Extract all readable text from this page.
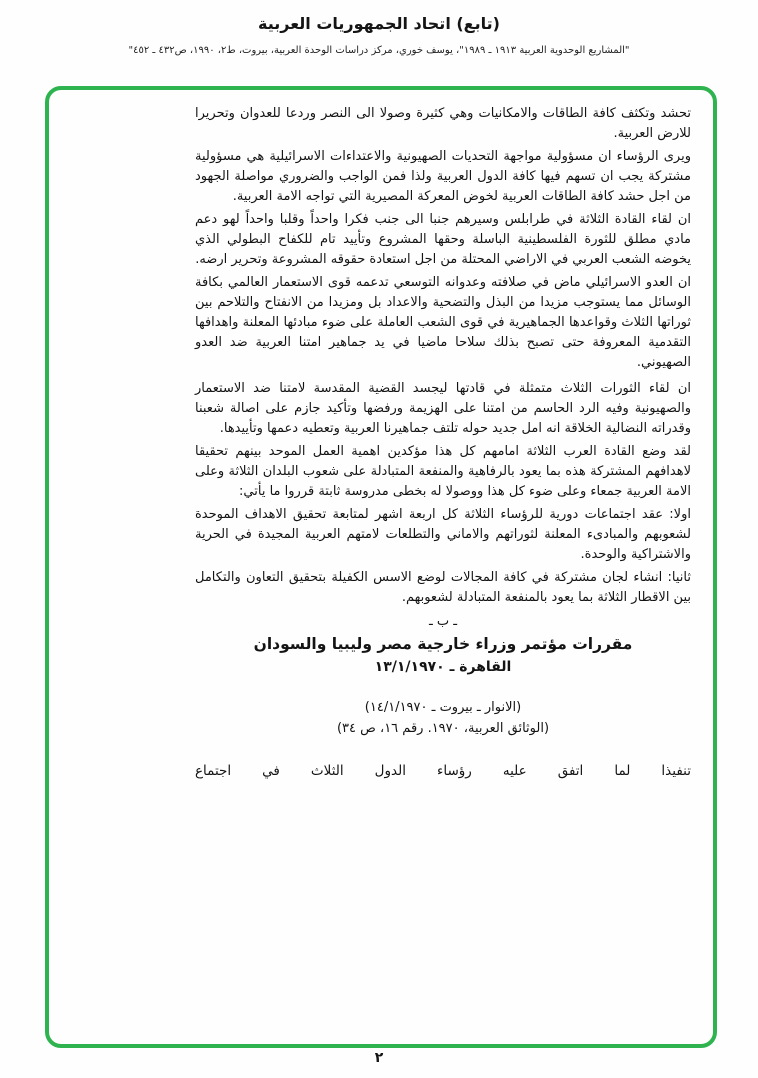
(تابع) اتحاد الجمهوريات العربية
"المشاريع الوحدوية العربية ١٩١٣ ـ ١٩٨٩"، يوسف خوري، مركز دراسات الوحدة العربية، بيروت، ط٢، ١٩٩٠، ص٤٣٢ ـ ٤٥٢"

تحشد وتكثف كافة الطاقات والامكانيات وهي كثيرة وصولا الى النصر وردعا للعدوان وتحريرا للارض العربية.

ويرى الرؤساء ان مسؤولية مواجهة التحديات الصهيونية والاعتداءات الاسرائيلية هي مسؤولية مشتركة يجب ان تسهم فيها كافة الدول العربية ولذا فمن الواجب والضروري مواصلة الجهود من اجل حشد كافة الطاقات العربية لخوض المعركة المصيرية التي تواجه الامة العربية.

ان لقاء القادة الثلاثة في طرابلس وسيرهم جنبا الى جنب فكرا واحداً وقلبا واحداً لهو دعم مادي مطلق للثورة الفلسطينية الباسلة وحقها المشروع وتأييد تام للكفاح البطولي الذي يخوضه الشعب العربي في الاراضي المحتلة من اجل استعادة حقوقه المشروعة وتحرير ارضه.

ان العدو الاسرائيلي ماض في صلافته وعدوانه التوسعي تدعمه قوى الاستعمار العالمي بكافة الوسائل مما يستوجب مزيدا من البذل والتضحية والاعداد بل ومزيدا من الانفتاح والتلاحم بين ثوراتها الثلاث وقواعدها الجماهيرية في قوى الشعب العاملة على ضوء مبادئها المعلنة واهدافها التقدمية المعروفة حتى تصبح بذلك سلاحا ماضيا في يد جماهير امتنا العربية ضد العدو الصهيوني.

ان لقاء الثورات الثلاث متمثلة في قادتها ليجسد القضية المقدسة لامتنا ضد الاستعمار والصهيونية وفيه الرد الحاسم من امتنا على الهزيمة ورفضها وتأكيد جازم على اصالة شعبنا وقدراته النضالية الخلاقة انه امل جديد حوله تلتف جماهيرنا العربية وتعطيه دعمها وتأييدها.

لقد وضع القادة العرب الثلاثة امامهم كل هذا مؤكدين اهمية العمل الموحد بينهم تحقيقا لاهدافهم المشتركة هذه بما يعود بالرفاهية والمنفعة المتبادلة على شعوب البلدان الثلاثة وعلى الامة العربية جمعاء وعلى ضوء كل هذا ووصولا له بخطى مدروسة ثابتة قرروا ما يأتي:

اولا: عقد اجتماعات دورية للرؤساء الثلاثة كل اربعة اشهر لمتابعة تحقيق الاهداف الموحدة لشعوبهم والمبادىء المعلنة لثوراتهم والاماني والتطلعات لامتهم العربية المجيدة في الحرية والاشتراكية والوحدة.

ثانيا: انشاء لجان مشتركة في كافة المجالات لوضع الاسس الكفيلة بتحقيق التعاون والتكامل بين الاقطار الثلاثة بما يعود بالمنفعة المتبادلة لشعوبهم.

ـ ب ـ
مقررات مؤتمر وزراء خارجية مصر وليبيا والسودان
القاهرة ـ ١٣/١/١٩٧٠
(الانوار ـ بيروت ـ ١٤/١/١٩٧٠)
(الوثائق العربية، ١٩٧٠. رقم ١٦، ص ٣٤)

تنفيذا لما اتفق عليه رؤساء الدول الثلاث في اجتماع

٢
